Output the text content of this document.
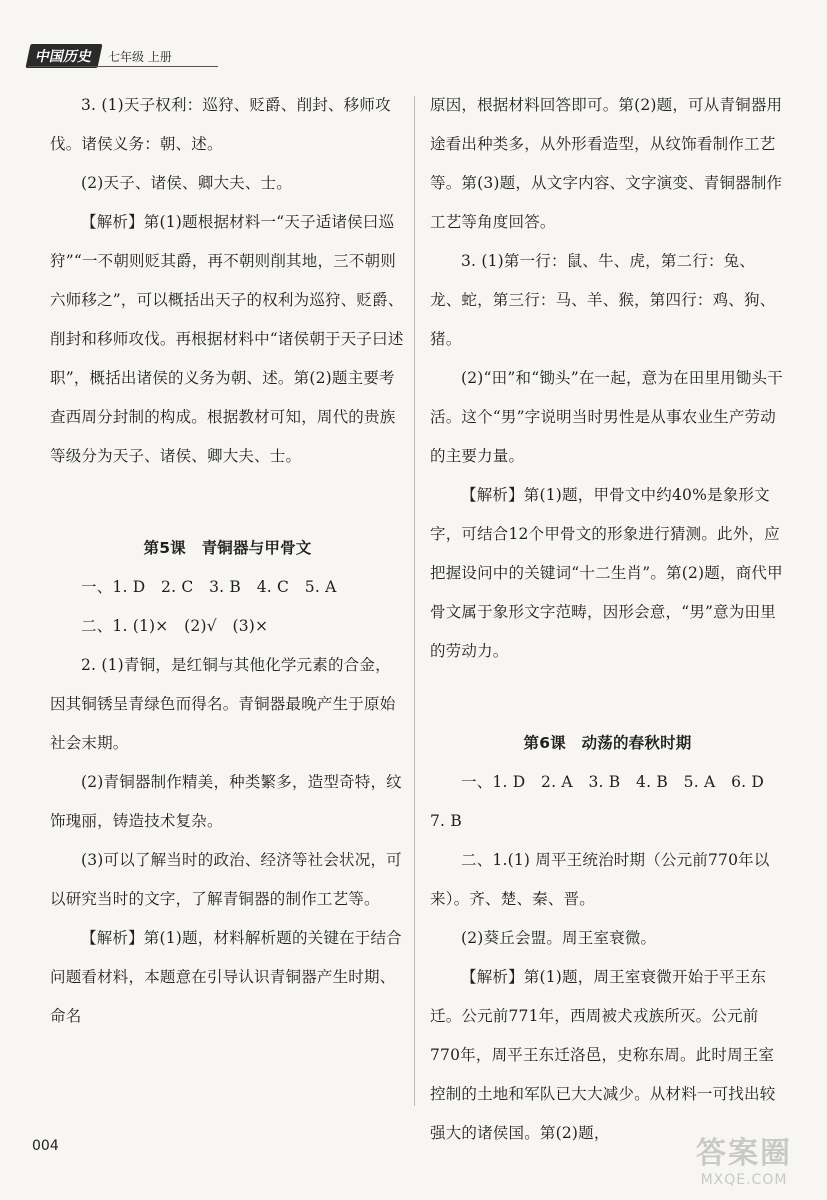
中国历史	七年级 上册

3. (1)天子权利：巡狩、贬爵、削封、移师攻伐。诸侯义务：朝、述。

(2)天子、诸侯、卿大夫、士。

【解析】第(1)题根据材料一“天子适诸侯曰巡狩”“一不朝则贬其爵，再不朝则削其地，三不朝则六师移之”，可以概括出天子的权利为巡狩、贬爵、削封和移师攻伐。再根据材料中“诸侯朝于天子曰述职”，概括出诸侯的义务为朝、述。第(2)题主要考查西周分封制的构成。根据教材可知，周代的贵族等级分为天子、诸侯、卿大夫、士。

第5课　青铜器与甲骨文

一、1. D　2. C　3. B　4. C　5. A

二、1. (1)×　(2)√　(3)×

2. (1)青铜，是红铜与其他化学元素的合金，因其铜锈呈青绿色而得名。青铜器最晚产生于原始社会末期。

(2)青铜器制作精美，种类繁多，造型奇特，纹饰瑰丽，铸造技术复杂。

(3)可以了解当时的政治、经济等社会状况，可以研究当时的文字，了解青铜器的制作工艺等。

【解析】第(1)题，材料解析题的关键在于结合问题看材料，本题意在引导认识青铜器产生时期、命名

原因，根据材料回答即可。第(2)题，可从青铜器用途看出种类多，从外形看造型，从纹饰看制作工艺等。第(3)题，从文字内容、文字演变、青铜器制作工艺等角度回答。

3. (1)第一行：鼠、牛、虎，第二行：兔、龙、蛇，第三行：马、羊、猴，第四行：鸡、狗、猪。

(2)“田”和“锄头”在一起，意为在田里用锄头干活。这个“男”字说明当时男性是从事农业生产劳动的主要力量。

【解析】第(1)题，甲骨文中约40%是象形文字，可结合12个甲骨文的形象进行猜测。此外，应把握设问中的关键词“十二生肖”。第(2)题，商代甲骨文属于象形文字范畴，因形会意，“男”意为田里的劳动力。

第6课　动荡的春秋时期

一、1. D　2. A　3. B　4. B　5. A　6. D　7. B

二、1.(1) 周平王统治时期（公元前770年以来）。齐、楚、秦、晋。

(2)葵丘会盟。周王室衰微。

【解析】第(1)题，周王室衰微开始于平王东迁。公元前771年，西周被犬戎族所灭。公元前770年，周平王东迁洛邑，史称东周。此时周王室控制的土地和军队已大大减少。从材料一可找出较强大的诸侯国。第(2)题，

004	答案圈
MXQE.COM
